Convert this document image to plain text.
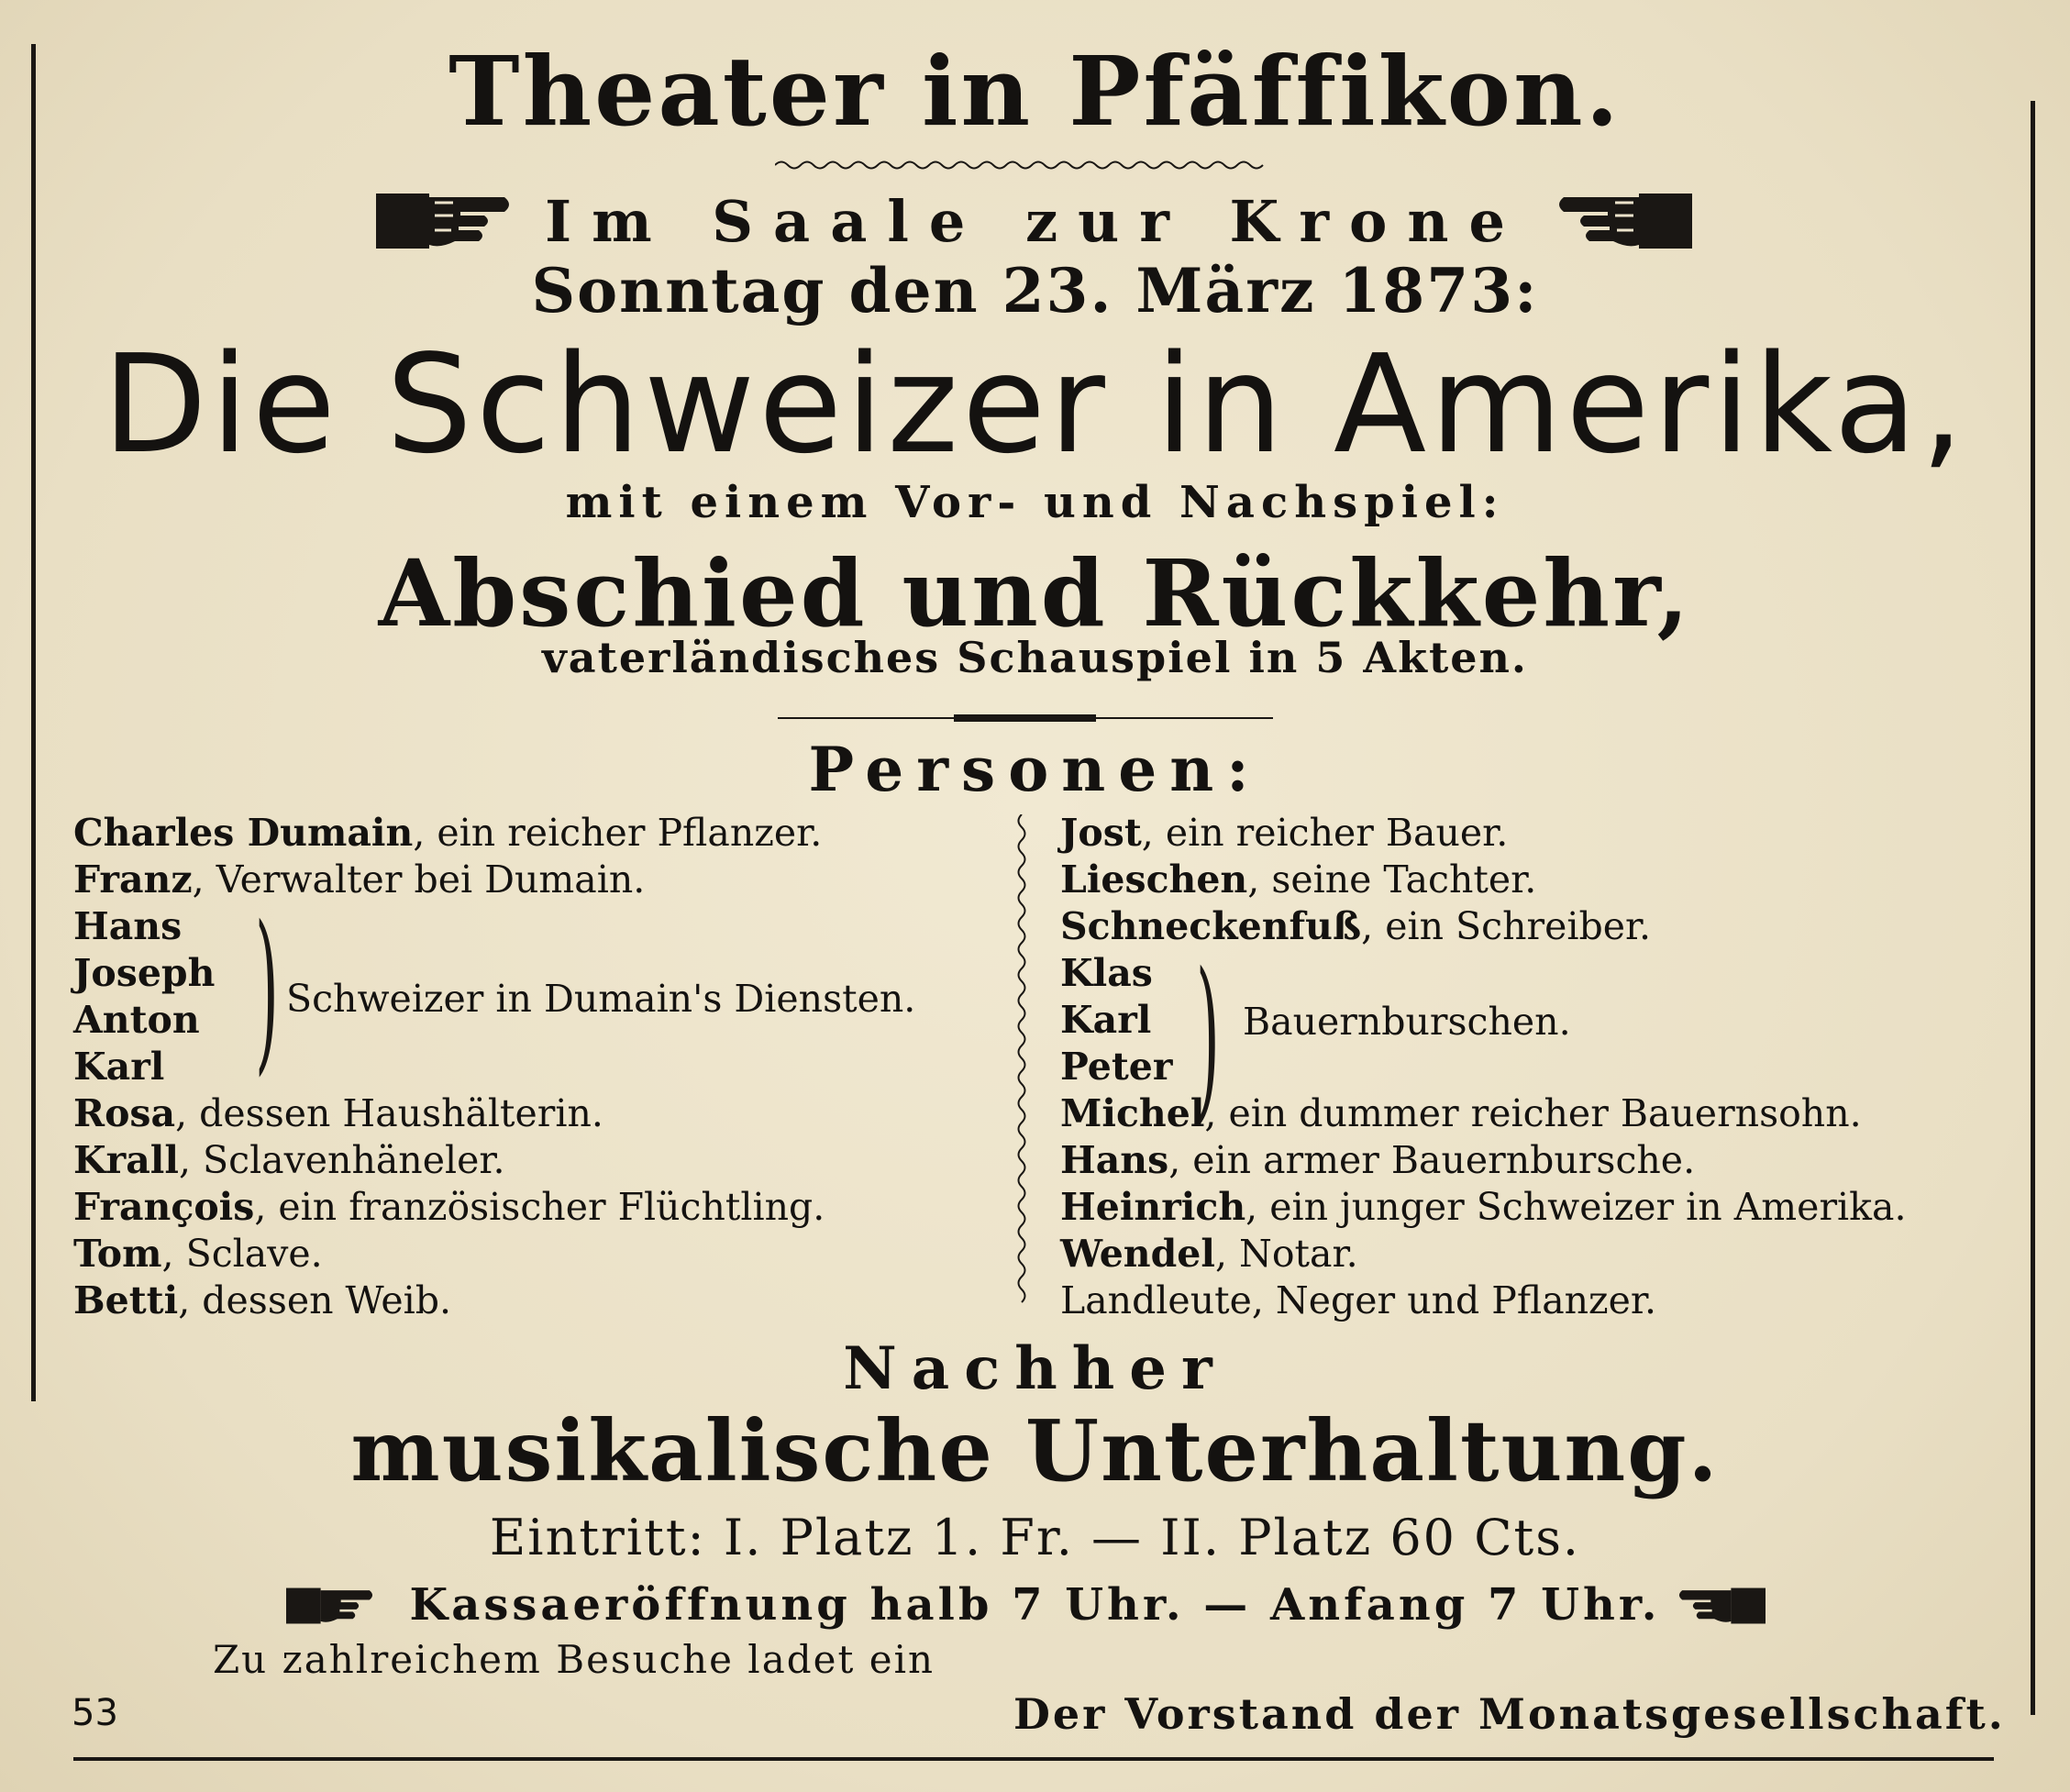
Theater in Pfäffikon.
Im Saale zur Krone
Sonntag den 23. März 1873:
Die Schweizer in Amerika,
mit einem Vor- und Nachspiel:
Abschied und Rückkehr,
vaterländisches Schauspiel in 5 Akten.
Personen:
Charles Dumain, ein reicher Pflanzer.
Franz, Verwalter bei Dumain.
Hans
Joseph
Anton
Karl
Rosa, dessen Haushälterin.
Krall, Sclavenhäneler.
François, ein französischer Flüchtling.
Tom, Sclave.
Betti, dessen Weib.
) Schweizer in Dumain's Diensten.
Jost, ein reicher Bauer.
Lieschen, seine Tachter.
Schneckenfuß, ein Schreiber.
Klas
Karl
Peter
Michel, ein dummer reicher Bauernsohn.
Hans, ein armer Bauernbursche.
Heinrich, ein junger Schweizer in Amerika.
Wendel, Notar.
Landleute, Neger und Pflanzer.
) Bauernburschen.
Nachher
musikalische Unterhaltung.
Eintritt: I. Platz 1. Fr. — II. Platz 60 Cts.
Kassaeröffnung halb 7 Uhr. — Anfang 7 Uhr.
Zu zahlreichem Besuche ladet ein
53	Der Vorstand der Monatsgesellschaft.
